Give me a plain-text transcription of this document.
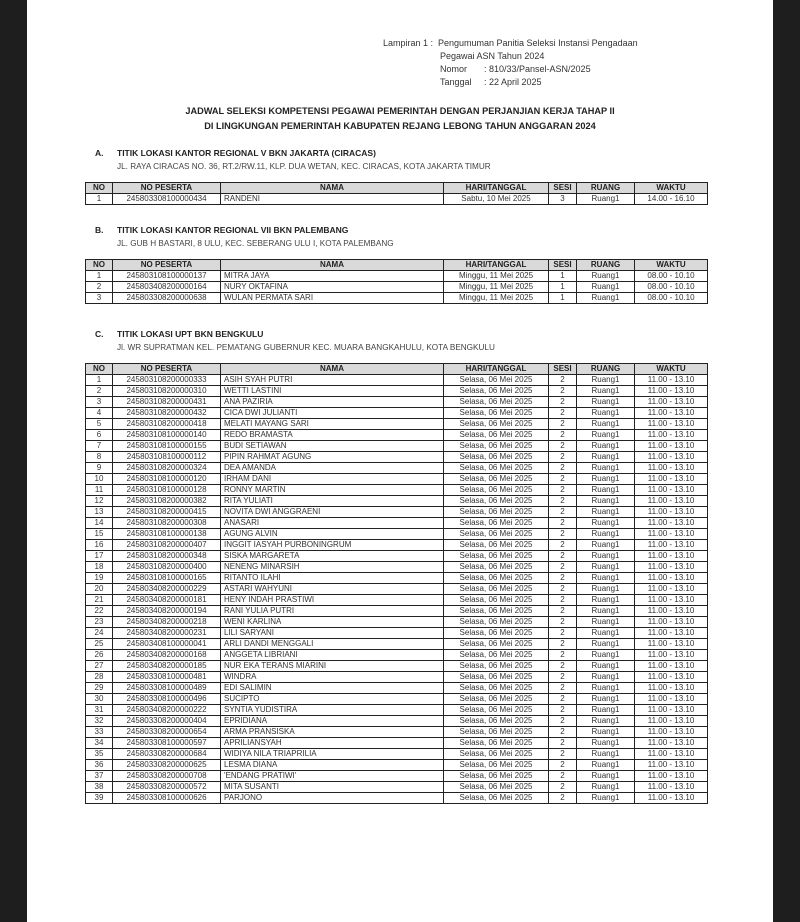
Lampiran 1 : Pengumuman Panitia Seleksi Instansi Pengadaan
Pegawai ASN Tahun 2024
Nomor	: 810/33/Pansel-ASN/2025
Tanggal	: 22 April 2025
JADWAL SELEKSI KOMPETENSI PEGAWAI PEMERINTAH DENGAN PERJANJIAN KERJA TAHAP II
DI LINGKUNGAN PEMERINTAH KABUPATEN REJANG LEBONG TAHUN ANGGARAN 2024
A.	TITIK LOKASI KANTOR REGIONAL V BKN JAKARTA (CIRACAS)
JL. RAYA CIRACAS NO. 36, RT.2/RW.11, KLP. DUA WETAN, KEC. CIRACAS, KOTA JAKARTA TIMUR
B.	TITIK LOKASI KANTOR REGIONAL VII BKN PALEMBANG
JL. GUB H BASTARI, 8 ULU, KEC. SEBERANG ULU I, KOTA PALEMBANG
C.	TITIK LOKASI UPT BKN BENGKULU
Jl. WR SUPRATMAN KEL. PEMATANG GUBERNUR KEC. MUARA BANGKAHULU, KOTA BENGKULU
NO	NO PESERTA	NAMA	HARI/TANGGAL	SESI	RUANG	WAKTU
1	245803308100000434	RANDENI	Sabtu, 10 Mei 2025	3	Ruang1	14.00 - 16.10
NO	NO PESERTA	NAMA	HARI/TANGGAL	SESI	RUANG	WAKTU
1	245803108100000137	MITRA JAYA	Minggu, 11 Mei 2025	1	Ruang1	08.00 - 10.10
2	245803408200000164	NURY OKTAFINA	Minggu, 11 Mei 2025	1	Ruang1	08.00 - 10.10
3	245803308200000638	WULAN PERMATA SARI	Minggu, 11 Mei 2025	1	Ruang1	08.00 - 10.10
NO	NO PESERTA	NAMA	HARI/TANGGAL	SESI	RUANG	WAKTU
1	245803108200000333	ASIH SYAH PUTRI	Selasa, 06 Mei 2025	2	Ruang1	11.00 - 13.10
2	245803108200000310	WETTI LASTINI	Selasa, 06 Mei 2025	2	Ruang1	11.00 - 13.10
3	245803108200000431	ANA PAZIRIA	Selasa, 06 Mei 2025	2	Ruang1	11.00 - 13.10
4	245803108200000432	CICA DWI JULIANTI	Selasa, 06 Mei 2025	2	Ruang1	11.00 - 13.10
5	245803108200000418	MELATI MAYANG SARI	Selasa, 06 Mei 2025	2	Ruang1	11.00 - 13.10
6	245803108100000140	REDO BRAMASTA	Selasa, 06 Mei 2025	2	Ruang1	11.00 - 13.10
7	245803108100000155	BUDI SETIAWAN	Selasa, 06 Mei 2025	2	Ruang1	11.00 - 13.10
8	245803108100000112	PIPIN RAHMAT AGUNG	Selasa, 06 Mei 2025	2	Ruang1	11.00 - 13.10
9	245803108200000324	DEA AMANDA	Selasa, 06 Mei 2025	2	Ruang1	11.00 - 13.10
10	245803108100000120	IRHAM DANI	Selasa, 06 Mei 2025	2	Ruang1	11.00 - 13.10
11	245803108100000128	RONNY MARTIN	Selasa, 06 Mei 2025	2	Ruang1	11.00 - 13.10
12	245803108200000382	RITA YULIATI	Selasa, 06 Mei 2025	2	Ruang1	11.00 - 13.10
13	245803108200000415	NOVITA DWI ANGGRAENI	Selasa, 06 Mei 2025	2	Ruang1	11.00 - 13.10
14	245803108200000308	ANASARI	Selasa, 06 Mei 2025	2	Ruang1	11.00 - 13.10
15	245803108100000138	AGUNG ALVIN	Selasa, 06 Mei 2025	2	Ruang1	11.00 - 13.10
16	245803108200000407	INGGIT IASYAH PURBONINGRUM	Selasa, 06 Mei 2025	2	Ruang1	11.00 - 13.10
17	245803108200000348	SISKA MARGARETA	Selasa, 06 Mei 2025	2	Ruang1	11.00 - 13.10
18	245803108200000400	NENENG MINARSIH	Selasa, 06 Mei 2025	2	Ruang1	11.00 - 13.10
19	245803108100000165	RITANTO ILAHI	Selasa, 06 Mei 2025	2	Ruang1	11.00 - 13.10
20	245803408200000229	ASTARI WAHYUNI	Selasa, 06 Mei 2025	2	Ruang1	11.00 - 13.10
21	245803408200000181	HENY INDAH PRASTIWI	Selasa, 06 Mei 2025	2	Ruang1	11.00 - 13.10
22	245803408200000194	RANI YULIA PUTRI	Selasa, 06 Mei 2025	2	Ruang1	11.00 - 13.10
23	245803408200000218	WENI KARLINA	Selasa, 06 Mei 2025	2	Ruang1	11.00 - 13.10
24	245803408200000231	LILI SARYANI	Selasa, 06 Mei 2025	2	Ruang1	11.00 - 13.10
25	245803408100000041	ARLI DANDI MENGGALI	Selasa, 06 Mei 2025	2	Ruang1	11.00 - 13.10
26	245803408200000168	ANGGETA LIBRIANI	Selasa, 06 Mei 2025	2	Ruang1	11.00 - 13.10
27	245803408200000185	NUR EKA TERANS MIARINI	Selasa, 06 Mei 2025	2	Ruang1	11.00 - 13.10
28	245803308100000481	WINDRA	Selasa, 06 Mei 2025	2	Ruang1	11.00 - 13.10
29	245803308100000489	EDI SALIMIN	Selasa, 06 Mei 2025	2	Ruang1	11.00 - 13.10
30	245803308100000496	SUCIPTO	Selasa, 06 Mei 2025	2	Ruang1	11.00 - 13.10
31	245803408200000222	SYNTIA YUDISTIRA	Selasa, 06 Mei 2025	2	Ruang1	11.00 - 13.10
32	245803308200000404	EPRIDIANA	Selasa, 06 Mei 2025	2	Ruang1	11.00 - 13.10
33	245803308200000654	ARMA PRANSISKA	Selasa, 06 Mei 2025	2	Ruang1	11.00 - 13.10
34	245803308100000597	APRILIANSYAH	Selasa, 06 Mei 2025	2	Ruang1	11.00 - 13.10
35	245803308200000684	WIDIYA NILA TRIAPRILIA	Selasa, 06 Mei 2025	2	Ruang1	11.00 - 13.10
36	245803308200000625	LESMA DIANA	Selasa, 06 Mei 2025	2	Ruang1	11.00 - 13.10
37	245803308200000708	'ENDANG PRATIWI'	Selasa, 06 Mei 2025	2	Ruang1	11.00 - 13.10
38	245803308200000572	MITA SUSANTI	Selasa, 06 Mei 2025	2	Ruang1	11.00 - 13.10
39	245803308100000626	PARJONO	Selasa, 06 Mei 2025	2	Ruang1	11.00 - 13.10
